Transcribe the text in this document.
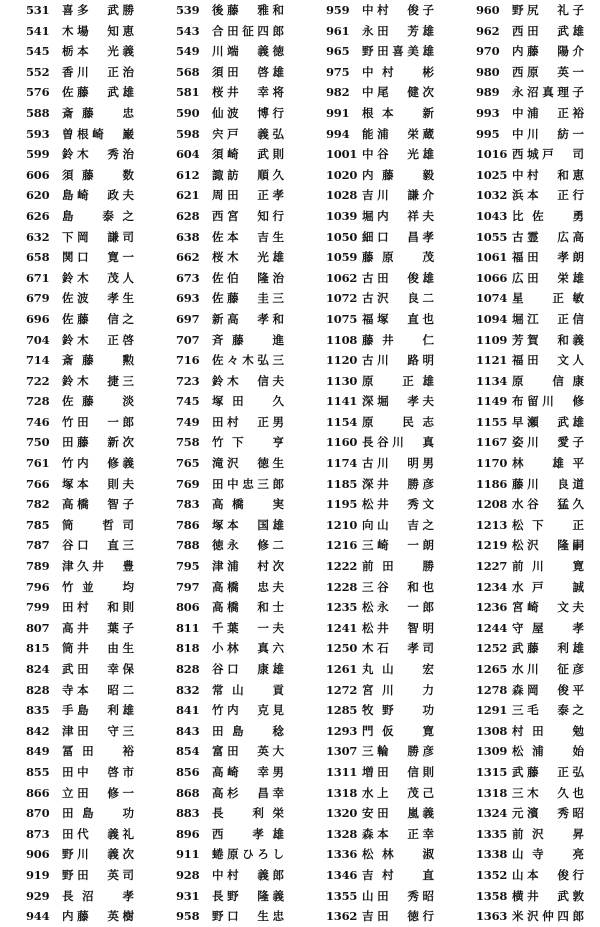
531	喜多　武勝
541	木場　知恵
545	栃本　光義
552	香川　正治
576	佐藤　武雄
588	斎藤　忠
593	曽根崎　巌
599	鈴木　秀治
606	須藤　数
620	島崎　政夫
626	島　泰之
632	下岡　謙司
658	関口　寛一
671	鈴木　茂人
679	佐波　孝生
696	佐藤　信之
704	鈴木　正啓
714	斎藤　勲
722	鈴木　捷三
728	佐藤　淡
746	竹田　一郎
750	田藤　新次
761	竹内　修義
766	塚本　則夫
782	高橋　智子
785	筒　哲司
787	谷口　直三
789	津久井　豊
796	竹並　均
799	田村　和則
807	高井　葉子
815	筒井　由生
824	武田　幸保
828	寺本　昭二
835	手島　利雄
842	津田　守三
849	冨田　裕
855	田中　啓市
866	立田　修一
870	田島　功
873	田代　義礼
906	野川　義次
919	野田　英司
929	長沼　孝
944	内藤　英樹
539	後藤　雅和
543	合田征四郎
549	川端　義徳
568	須田　啓雄
581	桜井　幸将
590	仙波　博行
598	宍戸　義弘
604	須崎　武則
612	諏訪　順久
621	周田　正孝
628	西宮　知行
638	佐本　吉生
662	桜木　光雄
673	佐伯　隆治
693	佐藤　圭三
697	新高　孝和
707	斉藤　進
716	佐々木弘三
723	鈴木　信夫
745	塚田　久
749	田村　正男
758	竹下　亨
765	滝沢　徳生
769	田中忠三郎
783	高橋　実
786	塚本　国雄
788	徳永　修二
795	津浦　村次
797	高橋　忠夫
806	高橋　和士
811	千葉　一夫
818	小林　真六
828	谷口　康雄
832	常山　貢
841	竹内　克見
843	田島　稔
854	富田　英大
856	高崎　幸男
868	高杉　昌幸
883	長　利栄
896	西　孝雄
911	蜷原ひろし
928	中村　義郎
931	長野　隆義
958	野口　生忠
959	中村　俊子
961	永田　芳雄
965	野田喜美雄
975	中村　彬
982	中尾　健次
991	根本　新
994	能浦　栄蔵
1001 中谷　光雄
1020 内藤　毅
1028 吉川　謙介
1039 堀内　祥夫
1050 細口　昌孝
1059 藤原　茂
1062 古田　俊雄
1072 古沢　良二
1075 福塚　直也
1108 藤井　仁
1120 古川　路明
1130 原　正雄
1141 深堀　孝夫
1154 原　民志
1160 長谷川　真
1174 古川　明男
1185 深井　勝彦
1195 松井　秀文
1210 向山　吉之
1216 三崎　一朗
1222 前田　勝
1228 三谷　和也
1235 松永　一郎
1241 松井　智明
1250 木石　孝司
1261 丸山　宏
1272 宮川　力
1285 牧野　功
1293 門仮　寛
1307 三輪　勝彦
1311 増田　信則
1318 水上　茂己
1320 安田　嵐義
1328 森本　正幸
1336 松林　淑
1346 吉村　直
1355 山田　秀昭
1362 吉田　徳行
960	野尻　礼子
962	西田　武雄
970	内藤　陽介
980	西原　英一
989	永沼真理子
993	中浦　正裕
995	中川　紡一
1016 西城戸　司
1025 中村　和恵
1032 浜本　正行
1043 比佐　勇
1055 古霊　広高
1061 福田　孝朗
1066 広田　栄雄
1074 星　正敏
1094 堀江　正信
1109 芳賀　和義
1121 福田　文人
1134 原　信康
1149 布留川　修
1155 早瀬　武雄
1167 姿川　愛子
1170 林　雄平
1186 藤川　良道
1208 水谷　猛久
1213 松下　正
1219 松沢　隆嗣
1227 前川　寛
1234 水戸　誠
1236 宮崎　文夫
1244 守屋　孝
1252 武藤　利雄
1265 水川　征彦
1278 森岡　俊平
1291 三毛　泰之
1308 村田　勉
1309 松浦　始
1315 武藤　正弘
1318 三木　久也
1324 元濱　秀昭
1335 前沢　昇
1338 山寺　亮
1352 山本　俊行
1358 横井　武敦
1363 米沢仲四郎
